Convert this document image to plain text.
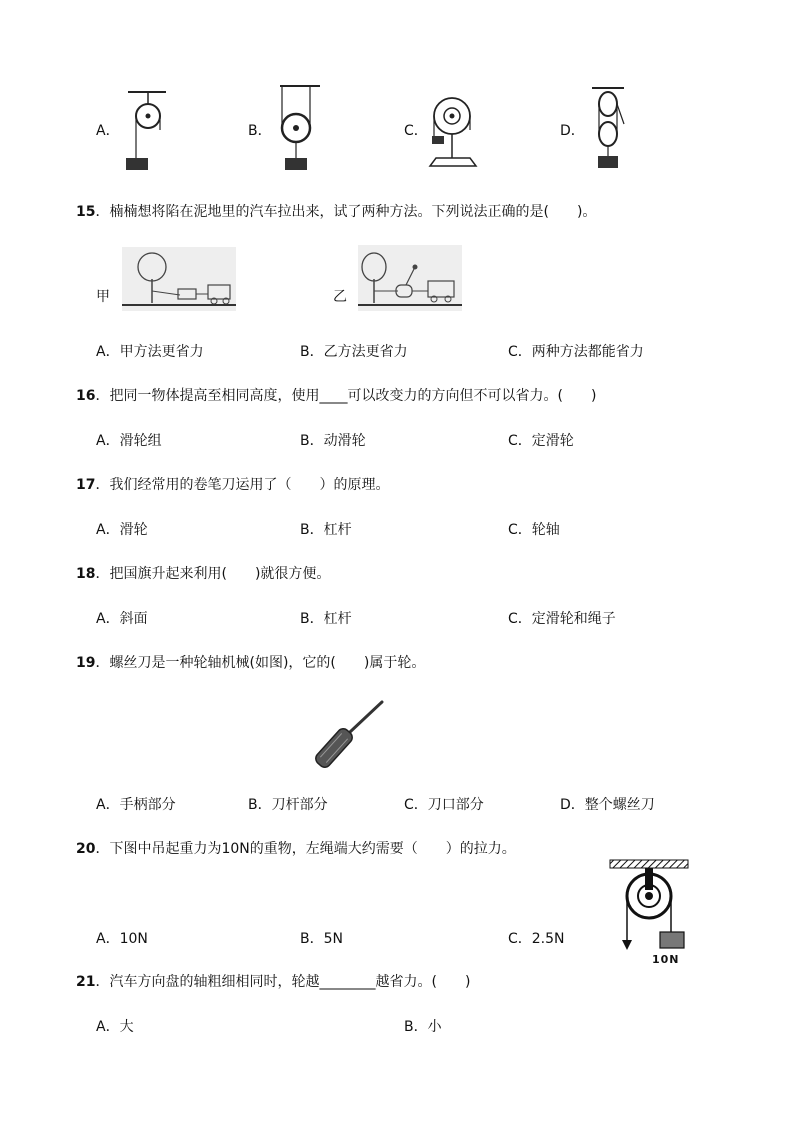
A．	B．	C．	D．
15．楠楠想将陷在泥地里的汽车拉出来，试了两种方法。下列说法正确的是(　　)。
甲	乙
A．甲方法更省力	B．乙方法更省力	C．两种方法都能省力
16．把同一物体提高至相同高度，使用____可以改变力的方向但不可以省力。(　　)
A．滑轮组	B．动滑轮	C．定滑轮
17．我们经常用的卷笔刀运用了（　　）的原理。
A．滑轮	B．杠杆	C．轮轴
18．把国旗升起来利用(　　)就很方便。
A．斜面	B．杠杆	C．定滑轮和绳子
19．螺丝刀是一种轮轴机械(如图)，它的(　　)属于轮。
A．手柄部分	B．刀杆部分	C．刀口部分	D．整个螺丝刀
20．下图中吊起重力为10N的重物，左绳端大约需要（　　）的拉力。
A．10N	B．5N	C．2.5N
10N
21．汽车方向盘的轴粗细相同时，轮越________越省力。(　　)
A．大	B．小
